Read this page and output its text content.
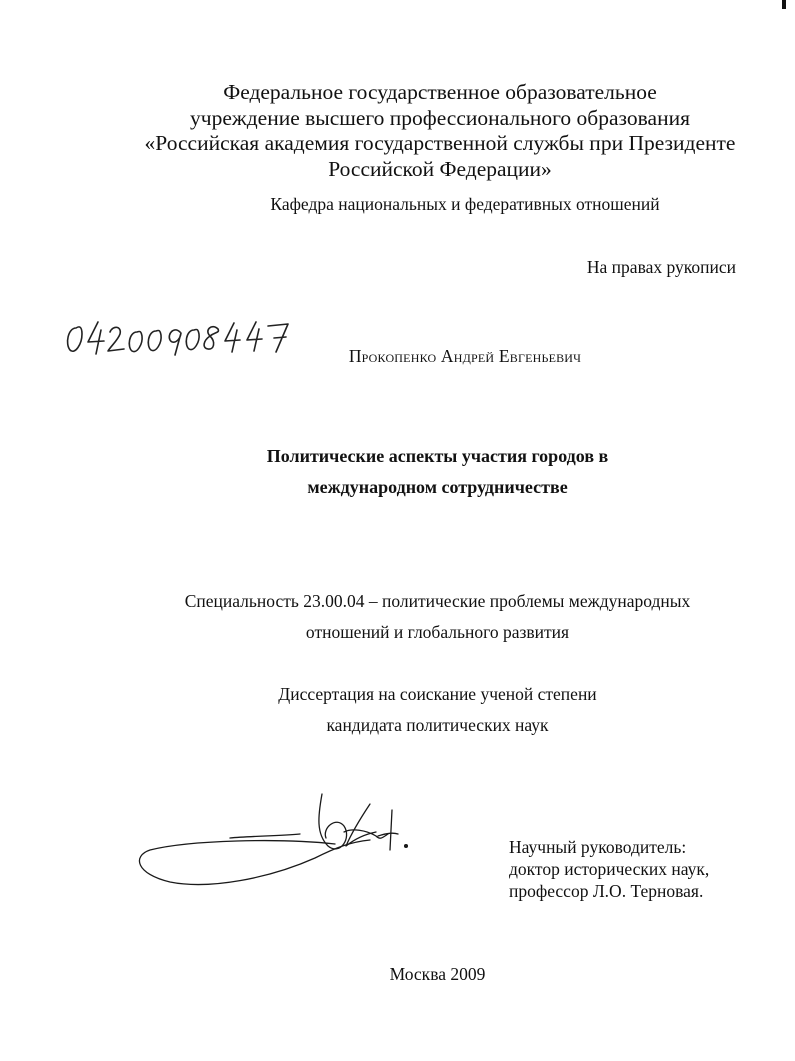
Федеральное государственное образовательное
учреждение высшего профессионального образования
«Российская академия государственной службы при Президенте
Российской Федерации»
Кафедра национальных и федеративных отношений
На правах рукописи
Прокопенко Андрей Евгеньевич
Политические аспекты участия городов в
международном сотрудничестве
Специальность 23.00.04 – политические проблемы международных
отношений и глобального развития
Диссертация на соискание ученой степени
кандидата политических наук
Научный руководитель:
доктор исторических наук,
профессор Л.О. Терновая.
Москва 2009
